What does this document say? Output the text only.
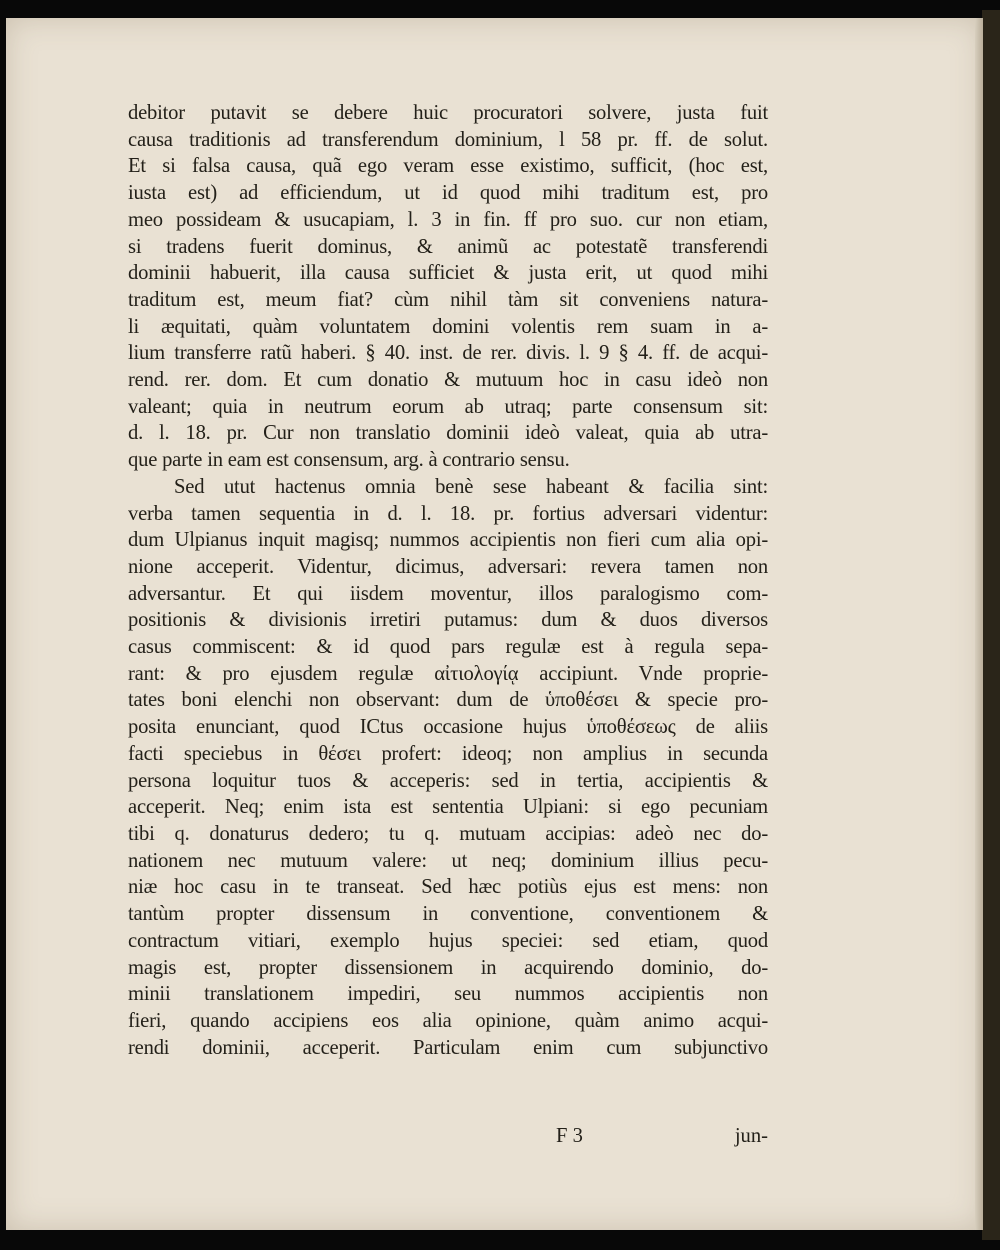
debitor putavit se debere huic procuratori solvere, justa fuit
causa traditionis ad transferendum dominium, l 58 pr. ff. de solut.
Et si falsa causa, quã ego veram esse existimo, sufficit, (hoc est,
iusta est) ad efficiendum, ut id quod mihi traditum est, pro
meo possideam & usucapiam, l. 3 in fin. ff pro suo. cur non etiam,
si tradens fuerit dominus, & animũ ac potestatẽ transferendi
dominii habuerit, illa causa sufficiet & justa erit, ut quod mihi
traditum est, meum fiat? cùm nihil tàm sit conveniens natura-
li æquitati, quàm voluntatem domini volentis rem suam in a-
lium transferre ratũ haberi. § 40. inst. de rer. divis. l. 9 § 4. ff. de acqui-
rend. rer. dom. Et cum donatio & mutuum hoc in casu ideò non
valeant; quia in neutrum eorum ab utraq; parte consensum sit:
d. l. 18. pr. Cur non translatio dominii ideò valeat, quia ab utra-
que parte in eam est consensum, arg. à contrario sensu.
Sed utut hactenus omnia benè sese habeant & facilia sint:
verba tamen sequentia in d. l. 18. pr. fortius adversari videntur:
dum Ulpianus inquit magisq; nummos accipientis non fieri cum alia opi-
nione acceperit. Videntur, dicimus, adversari: revera tamen non
adversantur. Et qui iisdem moventur, illos paralogismo com-
positionis & divisionis irretiri putamus: dum & duos diversos
casus commiscent: & id quod pars regulæ est à regula sepa-
rant: & pro ejusdem regulæ αἰτιολογίᾳ accipiunt. Vnde proprie-
tates boni elenchi non observant: dum de ὑποθέσει & specie pro-
posita enunciant, quod ICtus occasione hujus ὑποθέσεως de aliis
facti speciebus in θέσει profert: ideoq; non amplius in secunda
persona loquitur tuos & acceperis: sed in tertia, accipientis &
acceperit. Neq; enim ista est sententia Ulpiani: si ego pecuniam
tibi q. donaturus dedero; tu q. mutuam accipias: adeò nec do-
nationem nec mutuum valere: ut neq; dominium illius pecu-
niæ hoc casu in te transeat. Sed hæc potiùs ejus est mens: non
tantùm propter dissensum in conventione, conventionem &
contractum vitiari, exemplo hujus speciei: sed etiam, quod
magis est, propter dissensionem in acquirendo dominio, do-
minii translationem impediri, seu nummos accipientis non
fieri, quando accipiens eos alia opinione, quàm animo acqui-
rendi dominii, acceperit. Particulam enim cum subjunctivo
F 3	jun-
